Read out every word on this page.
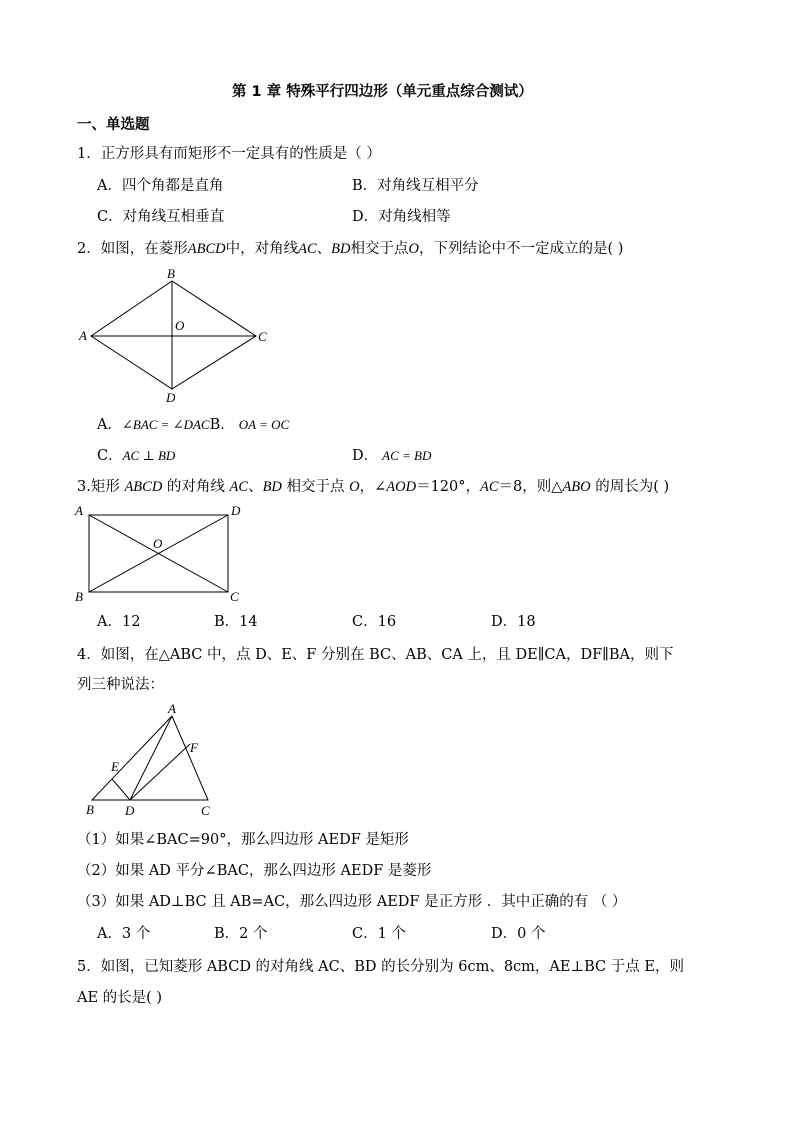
第 1 章 特殊平行四边形（单元重点综合测试）
一、单选题
1．正方形具有而矩形不一定具有的性质是（ ）
A．四个角都是直角	B．对角线互相平分
C．对角线互相垂直	D．对角线相等
2．如图，在菱形ABCD中，对角线AC、BD相交于点O，下列结论中不一定成立的是( )
B
A	C
D
O
A．∠BAC = ∠DACB． OA = OC
C．AC ⊥ BD	D． AC = BD
3.矩形 ABCD 的对角线 AC、BD 相交于点 O，∠AOD＝120°，AC＝8，则△ABO 的周长为( )
A	D
B	C
O
A．12	B．14	C．16	D．18
4．如图，在△ABC 中，点 D、E、F 分别在 BC、AB、CA 上，且 DE∥CA，DF∥BA，则下
列三种说法：
A
F
E
B D	C
（1）如果∠BAC=90°，那么四边形 AEDF 是矩形
（2）如果 AD 平分∠BAC，那么四边形 AEDF 是菱形
（3）如果 AD⊥BC 且 AB=AC，那么四边形 AEDF 是正方形 ．其中正确的有 （ ）
A．3 个	B．2 个	C．1 个	D．0 个
5．如图，已知菱形 ABCD 的对角线 AC、BD 的长分别为 6cm、8cm，AE⊥BC 于点 E，则
AE 的长是( )
